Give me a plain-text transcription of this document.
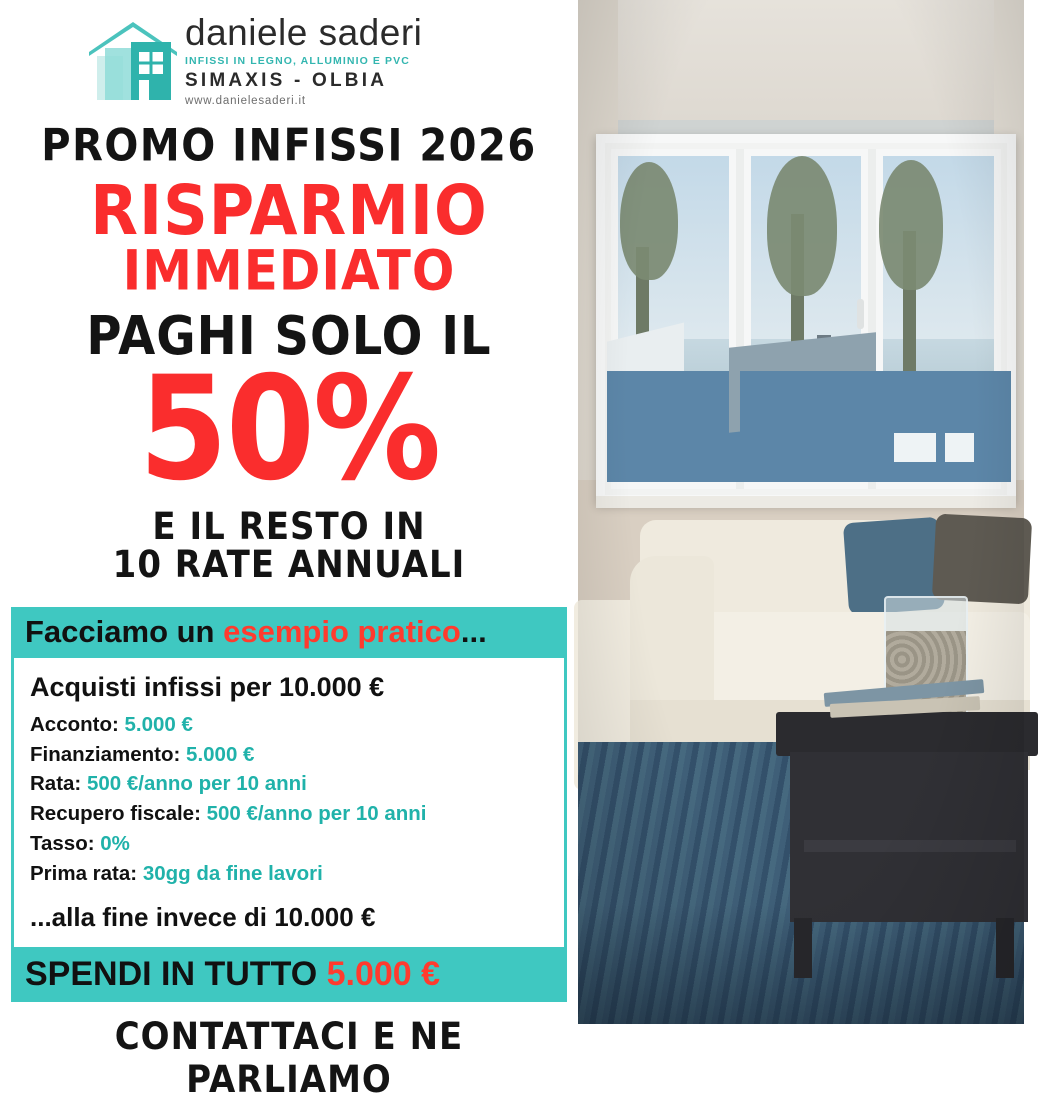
daniele saderi
INFISSI IN LEGNO, ALLUMINIO E PVC
SIMAXIS - OLBIA
www.danielesaderi.it
PROMO INFISSI 2026
RISPARMIO
IMMEDIATO
PAGHI SOLO IL
50%
E IL RESTO IN
10 RATE ANNUALI
Facciamo un esempio pratico...
Acquisti infissi per 10.000 €
Acconto: 5.000 €
Finanziamento: 5.000 €
Rata: 500 €/anno per 10 anni
Recupero fiscale: 500 €/anno per 10 anni
Tasso: 0%
Prima rata: 30gg da fine lavori
...alla fine invece di 10.000 €
SPENDI IN TUTTO 5.000 €
CONTATTACI E NE
PARLIAMO
